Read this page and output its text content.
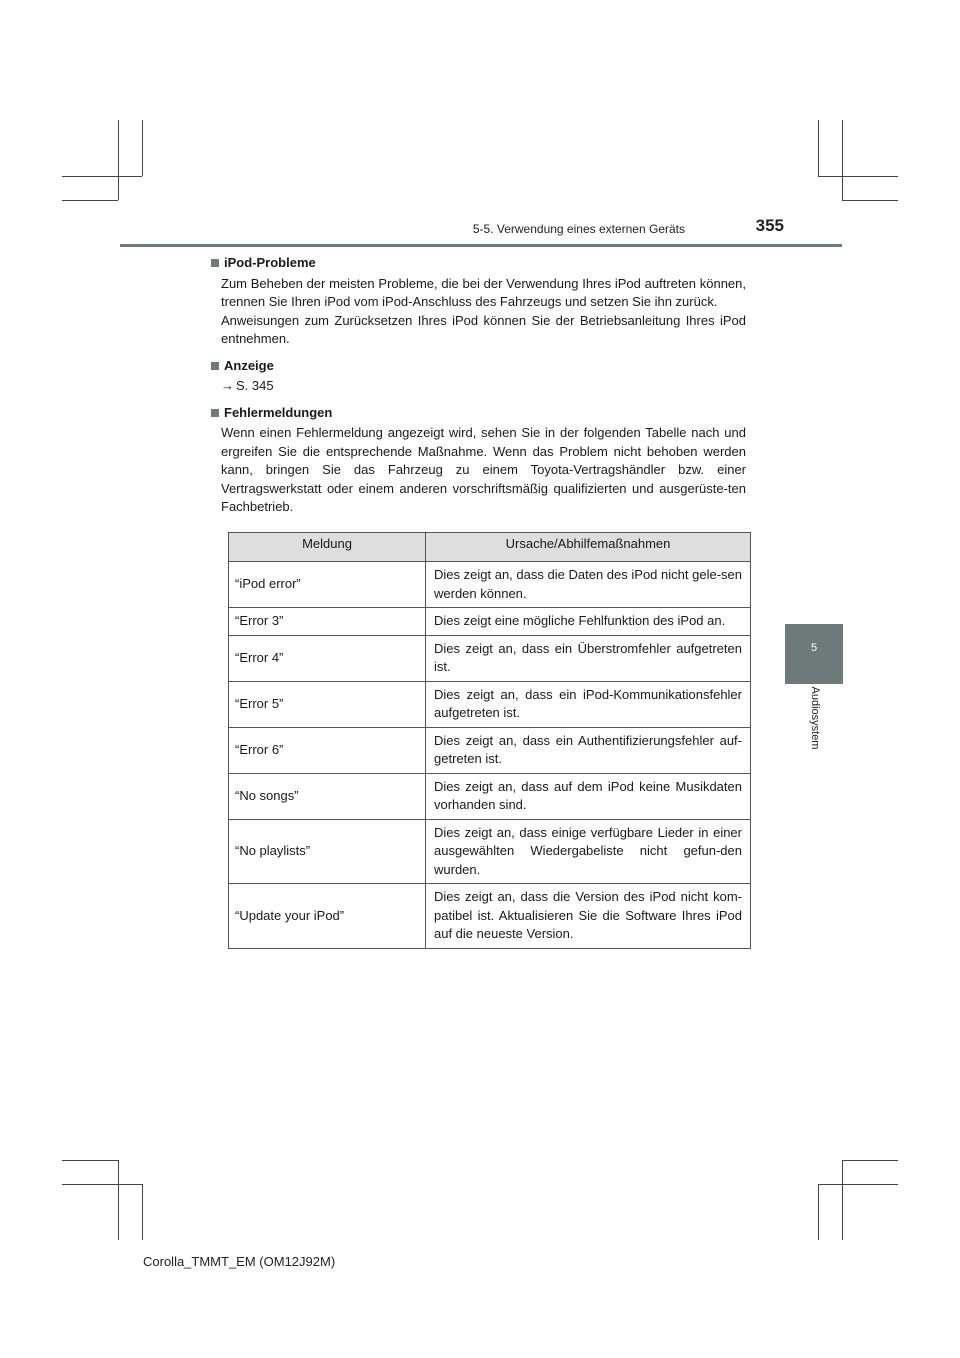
5-5. Verwendung eines externen Geräts	355
5
Audiosystem
iPod-Probleme

Zum Beheben der meisten Probleme, die bei der Verwendung Ihres iPod auftreten können, trennen Sie Ihren iPod vom iPod-Anschluss des Fahrzeugs und setzen Sie ihn zurück.

Anweisungen zum Zurücksetzen Ihres iPod können Sie der Betriebsanleitung Ihres iPod entnehmen.

Anzeige

→ S. 345

Fehlermeldungen

Wenn einen Fehlermeldung angezeigt wird, sehen Sie in der folgenden Tabelle nach und ergreifen Sie die entsprechende Maßnahme. Wenn das Problem nicht behoben werden kann, bringen Sie das Fahrzeug zu einem Toyota-Vertragshändler bzw. einer Vertragswerkstatt oder einem anderen vorschriftsmäßig qualifizierten und ausgerüste-ten Fachbetrieb.

Meldung	Ursache/Abhilfemaßnahmen
“iPod error”	Dies zeigt an, dass die Daten des iPod nicht gele-sen werden können.
“Error 3”	Dies zeigt eine mögliche Fehlfunktion des iPod an.
“Error 4”	Dies zeigt an, dass ein Überstromfehler aufgetreten ist.
“Error 5”	Dies zeigt an, dass ein iPod-Kommunikationsfehler aufgetreten ist.
“Error 6”	Dies zeigt an, dass ein Authentifizierungsfehler auf-getreten ist.
“No songs”	Dies zeigt an, dass auf dem iPod keine Musikdaten vorhanden sind.
“No playlists”	Dies zeigt an, dass einige verfügbare Lieder in einer ausgewählten Wiedergabeliste nicht gefun-den wurden.
“Update your iPod”	Dies zeigt an, dass die Version des iPod nicht kom-patibel ist. Aktualisieren Sie die Software Ihres iPod auf die neueste Version.
Corolla_TMMT_EM (OM12J92M)
